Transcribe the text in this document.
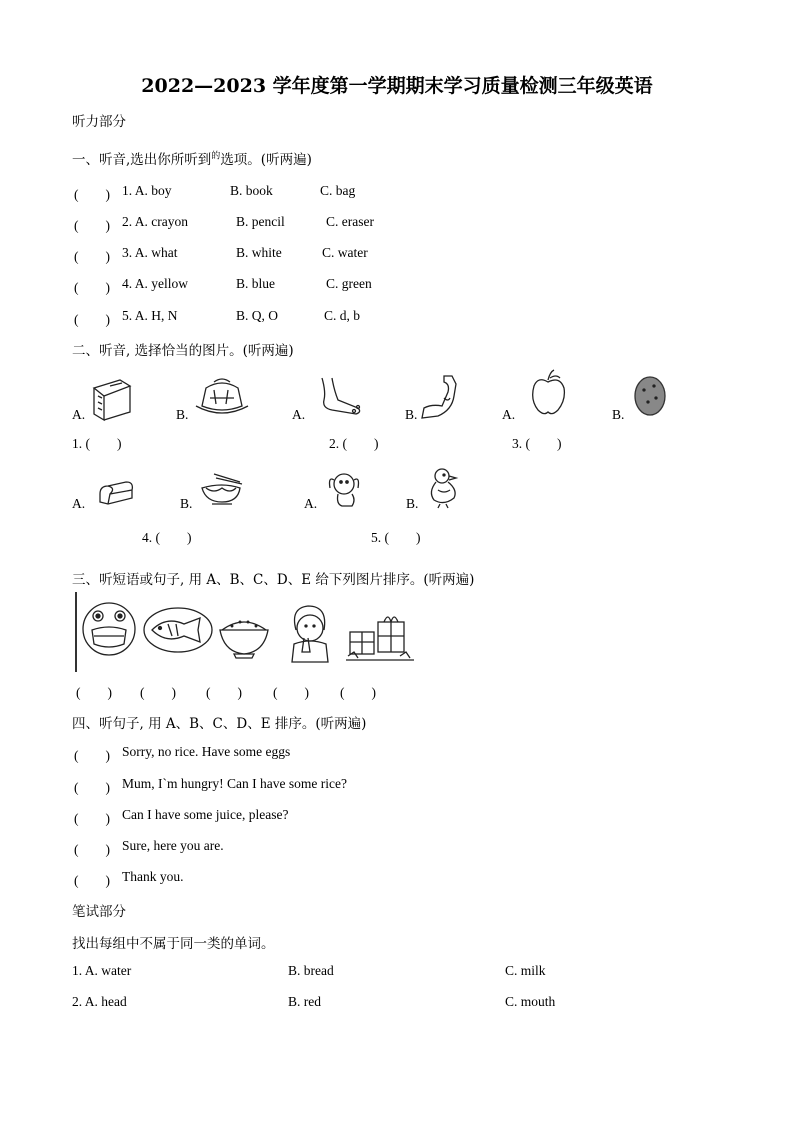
2022—2023 学年度第一学期期末学习质量检测三年级英语
听力部分
一、听音,选出你所听到$^的$选项。(听两遍)
(　　) 1. A. boy	B. book	C. bag
(　　) 2. A. crayon	B. pencil	C. eraser
(　　) 3. A. what	B. white	C. water
(　　) 4. A. yellow	B. blue	C. green
(　　) 5. A. H, N	B. Q, O	C. d, b
二、听音, 选择恰当的图片。(听两遍)
A.	B.	A.	B.	A.	B.
1. (　　)	2. (　　)	3. (　　)
A.	B.	A.	B.
4. (　　)	5. (　　)
三、听短语或句子, 用 A、B、C、D、E 给下列图片排序。(听两遍)
(　　) (　　) (　　) (　　) (　　)
四、听句子, 用 A、B、C、D、E 排序。(听两遍)
(　　) Sorry, no rice. Have some eggs
(　　) Mum, I`m hungry! Can I have some rice?
(　　) Can I have some juice, please?
(　　) Sure, here you are.
(　　) Thank you.
笔试部分
找出每组中不属于同一类的单词。
1. A. water	B. bread	C. milk
2. A. head	B. red	C. mouth
